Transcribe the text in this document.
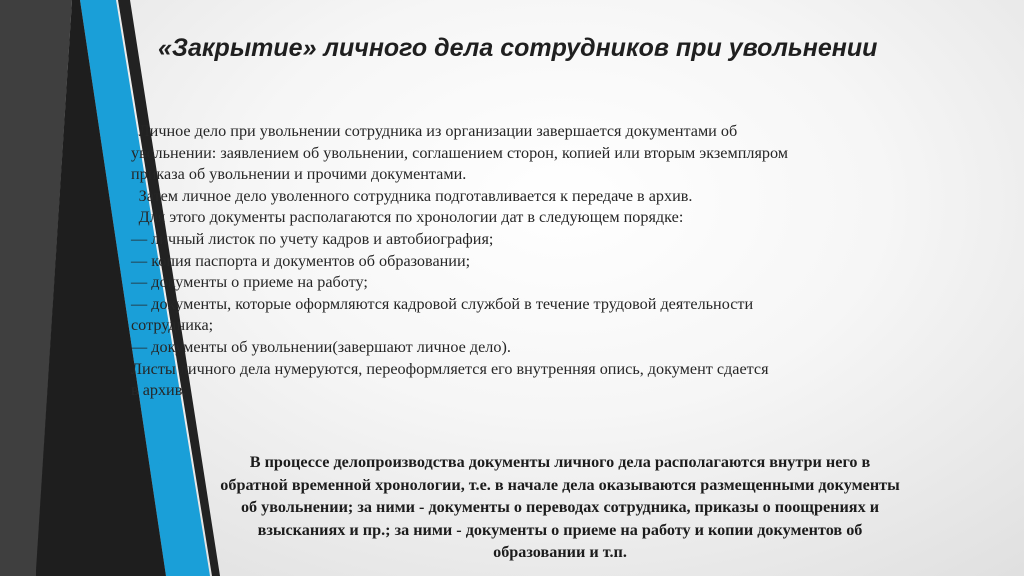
«Закрытие» личного дела сотрудников при увольнении
• Личное дело при увольнении сотрудника из организации завершается документами об
увольнении: заявлением об увольнении, соглашением сторон, копией или вторым экземпляром
приказа об увольнении и прочими документами.
• Затем личное дело уволенного сотрудника подготавливается к передаче в архив.
• Для этого документы располагаются по хронологии дат в следующем порядке:
— личный листок по учету кадров и автобиография;
— копия паспорта и документов об образовании;
— документы о приеме на работу;
— документы, которые оформляются кадровой службой в течение трудовой деятельности
сотрудника;
— документы об увольнении(завершают личное дело).
Листы личного дела нумеруются, переоформляется его внутренняя опись, документ сдается
в архив.
•	В процессе делопроизводства документы личного дела располагаются внутри него в
обратной временной хронологии, т.е. в начале дела оказываются размещенными документы
об увольнении; за ними - документы о переводах сотрудника, приказы о поощрениях и
взысканиях и пр.; за ними - документы о приеме на работу и копии документов об
образовании и т.п.
